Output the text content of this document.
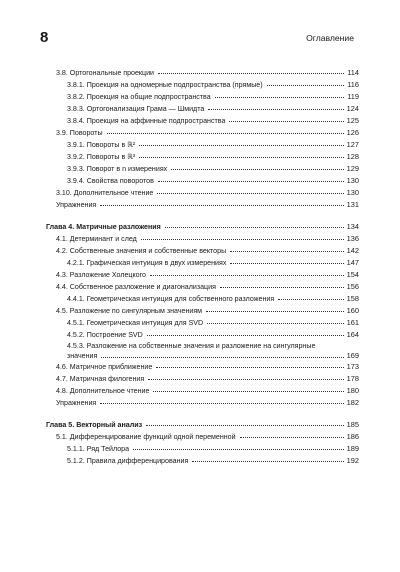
8	Оглавление
3.8. Ортогональные проекции	114
3.8.1. Проекция на одномерные подпространства (прямые)	116
3.8.2. Проекция на общие подпространства	119
3.8.3. Ортогонализация Грама — Шмидта	124
3.8.4. Проекция на аффинные подпространства	125
3.9. Повороты	126
3.9.1. Повороты в ℝ²	127
3.9.2. Повороты в ℝ³	128
3.9.3. Поворот в n измерениях	129
3.9.4. Свойства поворотов	130
3.10. Дополнительное чтение	130
Упражнения	131
Глава 4. Матричные разложения	134
4.1. Детерминант и след	136
4.2. Собственные значения и собственные векторы	142
4.2.1. Графическая интуиция в двух измерениях	147
4.3. Разложение Холецкого	154
4.4. Собственное разложение и диагонализация	156
4.4.1. Геометрическая интуиция для собственного разложения	158
4.5. Разложение по сингулярным значениям	160
4.5.1. Геометрическая интуиция для SVD	161
4.5.2. Построение SVD	164
4.5.3. Разложение на собственные значения и разложение на сингулярные
значения	169
4.6. Матричное приближение	173
4.7. Матричная филогения	178
4.8. Дополнительное чтение	180
Упражнения	182
Глава 5. Векторный анализ	185
5.1. Дифференцирование функций одной переменной	186
5.1.1. Ряд Тейлора	189
5.1.2. Правила дифференцирования	192
